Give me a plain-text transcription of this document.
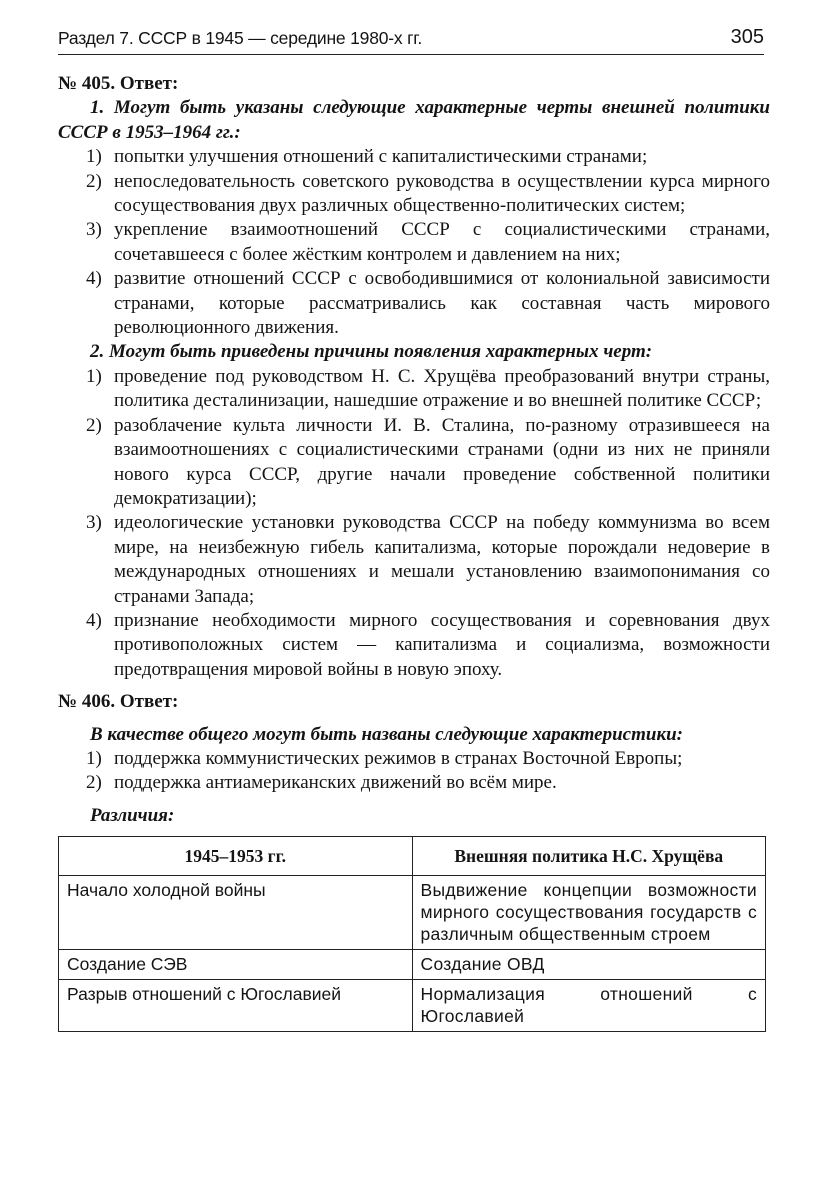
Раздел 7. СССР в 1945 — середине 1980-х гг.	305

№ 405. Ответ:

1. Могут быть указаны следующие характерные черты внешней политики СССР в 1953–1964 гг.:

1) попытки улучшения отношений с капиталистическими странами;
2) непоследовательность советского руководства в осуществлении курса мирного сосуществования двух различных общественно-политических систем;
3) укрепление взаимоотношений СССР с социалистическими странами, сочетавшееся с более жёстким контролем и давлением на них;
4) развитие отношений СССР с освободившимися от колониальной зависимости странами, которые рассматривались как составная часть мирового революционного движения.

2. Могут быть приведены причины появления характерных черт:

1) проведение под руководством Н. С. Хрущёва преобразований внутри страны, политика десталинизации, нашедшие отражение и во внешней политике СССР;
2) разоблачение культа личности И. В. Сталина, по-разному отразившееся на взаимоотношениях с социалистическими странами (одни из них не приняли нового курса СССР, другие начали проведение собственной политики демократизации);
3) идеологические установки руководства СССР на победу коммунизма во всем мире, на неизбежную гибель капитализма, которые порождали недоверие в международных отношениях и мешали установлению взаимопонимания со странами Запада;
4) признание необходимости мирного сосуществования и соревнования двух противоположных систем — капитализма и социализма, возможности предотвращения мировой войны в новую эпоху.

№ 406. Ответ:

В качестве общего могут быть названы следующие характеристики:

1) поддержка коммунистических режимов в странах Восточной Европы;
2) поддержка антиамериканских движений во всём мире.

Различия:

1945–1953 гг.	Внешняя политика Н.С. Хрущёва
Начало холодной войны	Выдвижение концепции возможности мирного сосуществования государств с различным общественным строем
Создание СЭВ	Создание ОВД
Разрыв отношений с Югославией	Нормализация отношений с Югославией
